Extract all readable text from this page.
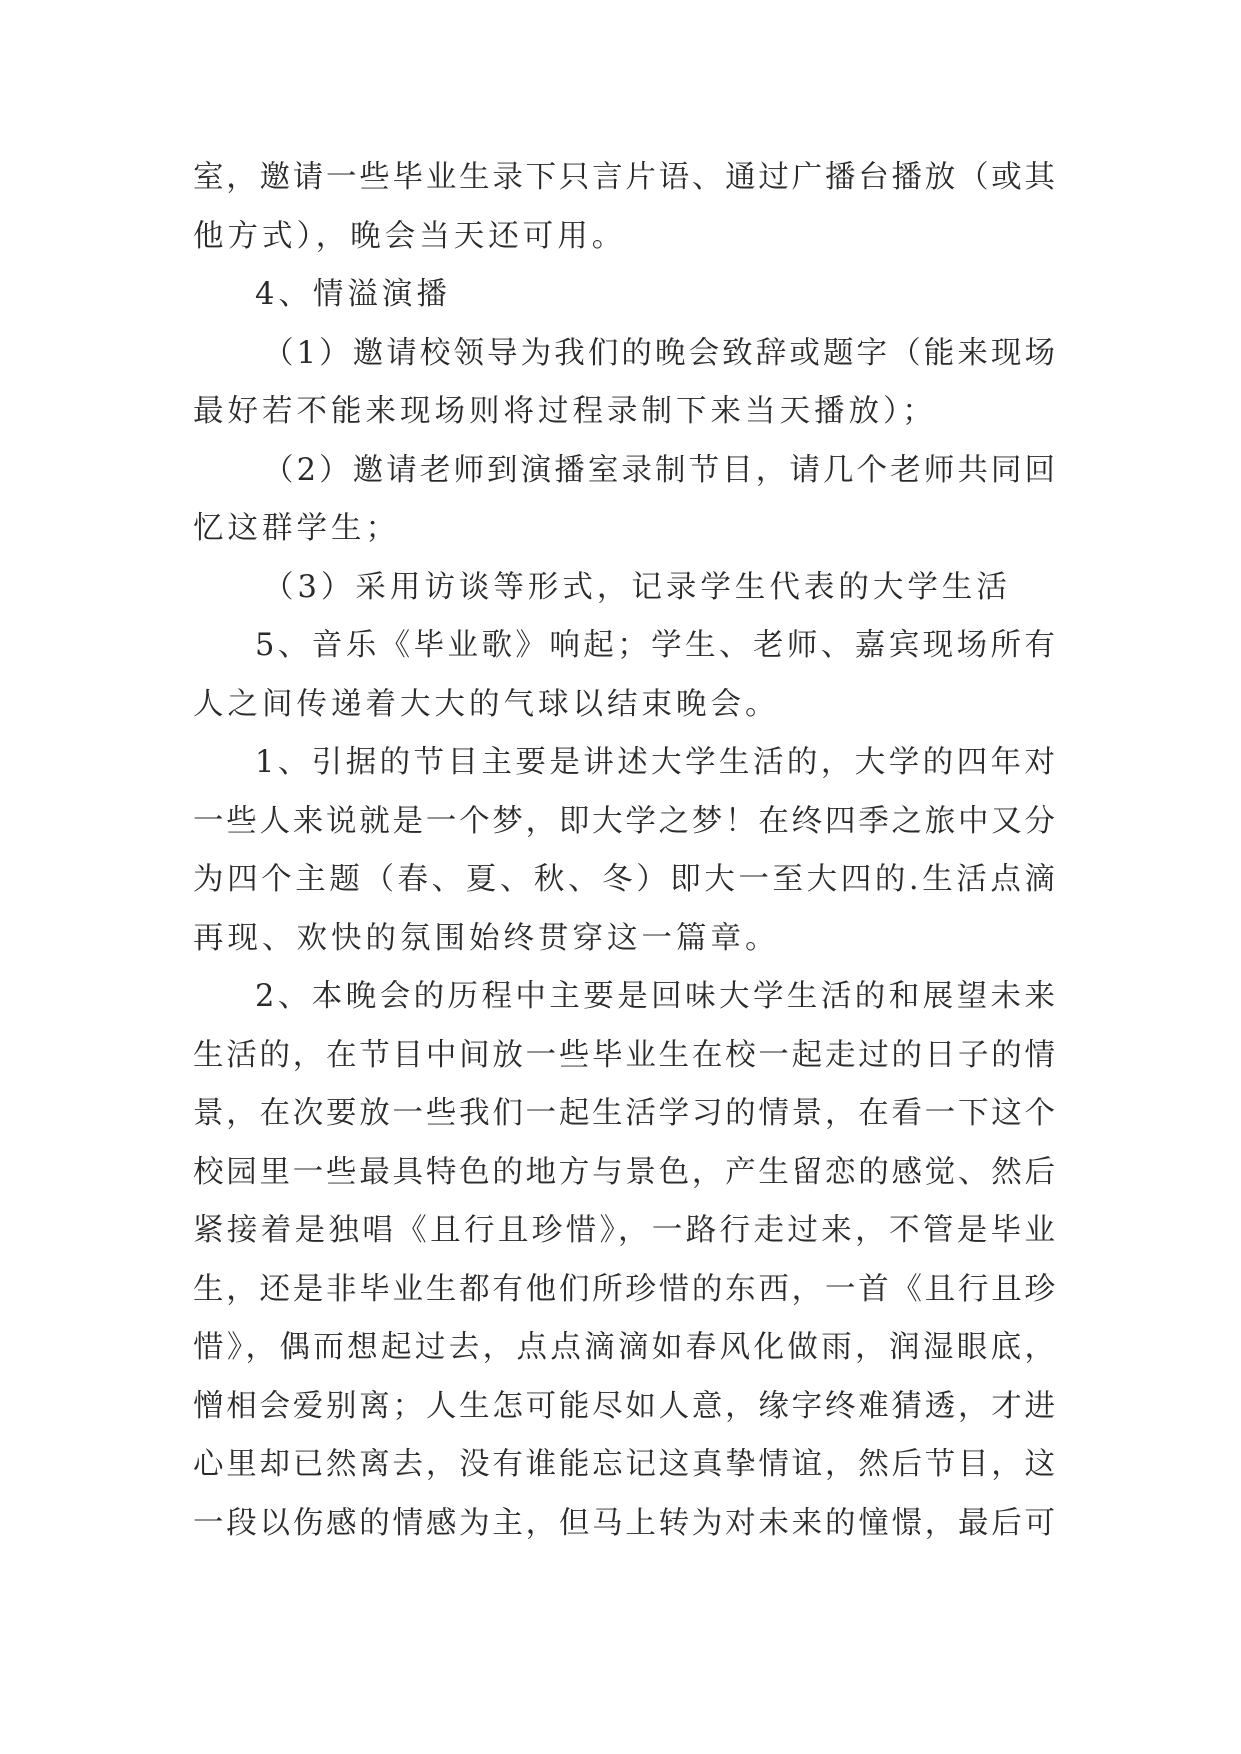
室，邀请一些毕业生录下只言片语、通过广播台播放（或其
他方式），晚会当天还可用。
4、情溢演播
（1）邀请校领导为我们的晚会致辞或题字（能来现场
最好若不能来现场则将过程录制下来当天播放）；
（2）邀请老师到演播室录制节目，请几个老师共同回
忆这群学生；
（3）采用访谈等形式，记录学生代表的大学生活
5、音乐《毕业歌》响起；学生、老师、嘉宾现场所有
人之间传递着大大的气球以结束晚会。
1、引据的节目主要是讲述大学生活的，大学的四年对
一些人来说就是一个梦，即大学之梦！在终四季之旅中又分
为四个主题（春、夏、秋、冬）即大一至大四的.生活点滴
再现、欢快的氛围始终贯穿这一篇章。
2、本晚会的历程中主要是回味大学生活的和展望未来
生活的，在节目中间放一些毕业生在校一起走过的日子的情
景，在次要放一些我们一起生活学习的情景，在看一下这个
校园里一些最具特色的地方与景色，产生留恋的感觉、然后
紧接着是独唱《且行且珍惜》，一路行走过来，不管是毕业
生，还是非毕业生都有他们所珍惜的东西，一首《且行且珍
惜》，偶而想起过去，点点滴滴如春风化做雨，润湿眼底，
憎相会爱别离；人生怎可能尽如人意，缘字终难猜透，才进
心里却已然离去，没有谁能忘记这真挚情谊，然后节目，这
一段以伤感的情感为主，但马上转为对未来的憧憬，最后可
